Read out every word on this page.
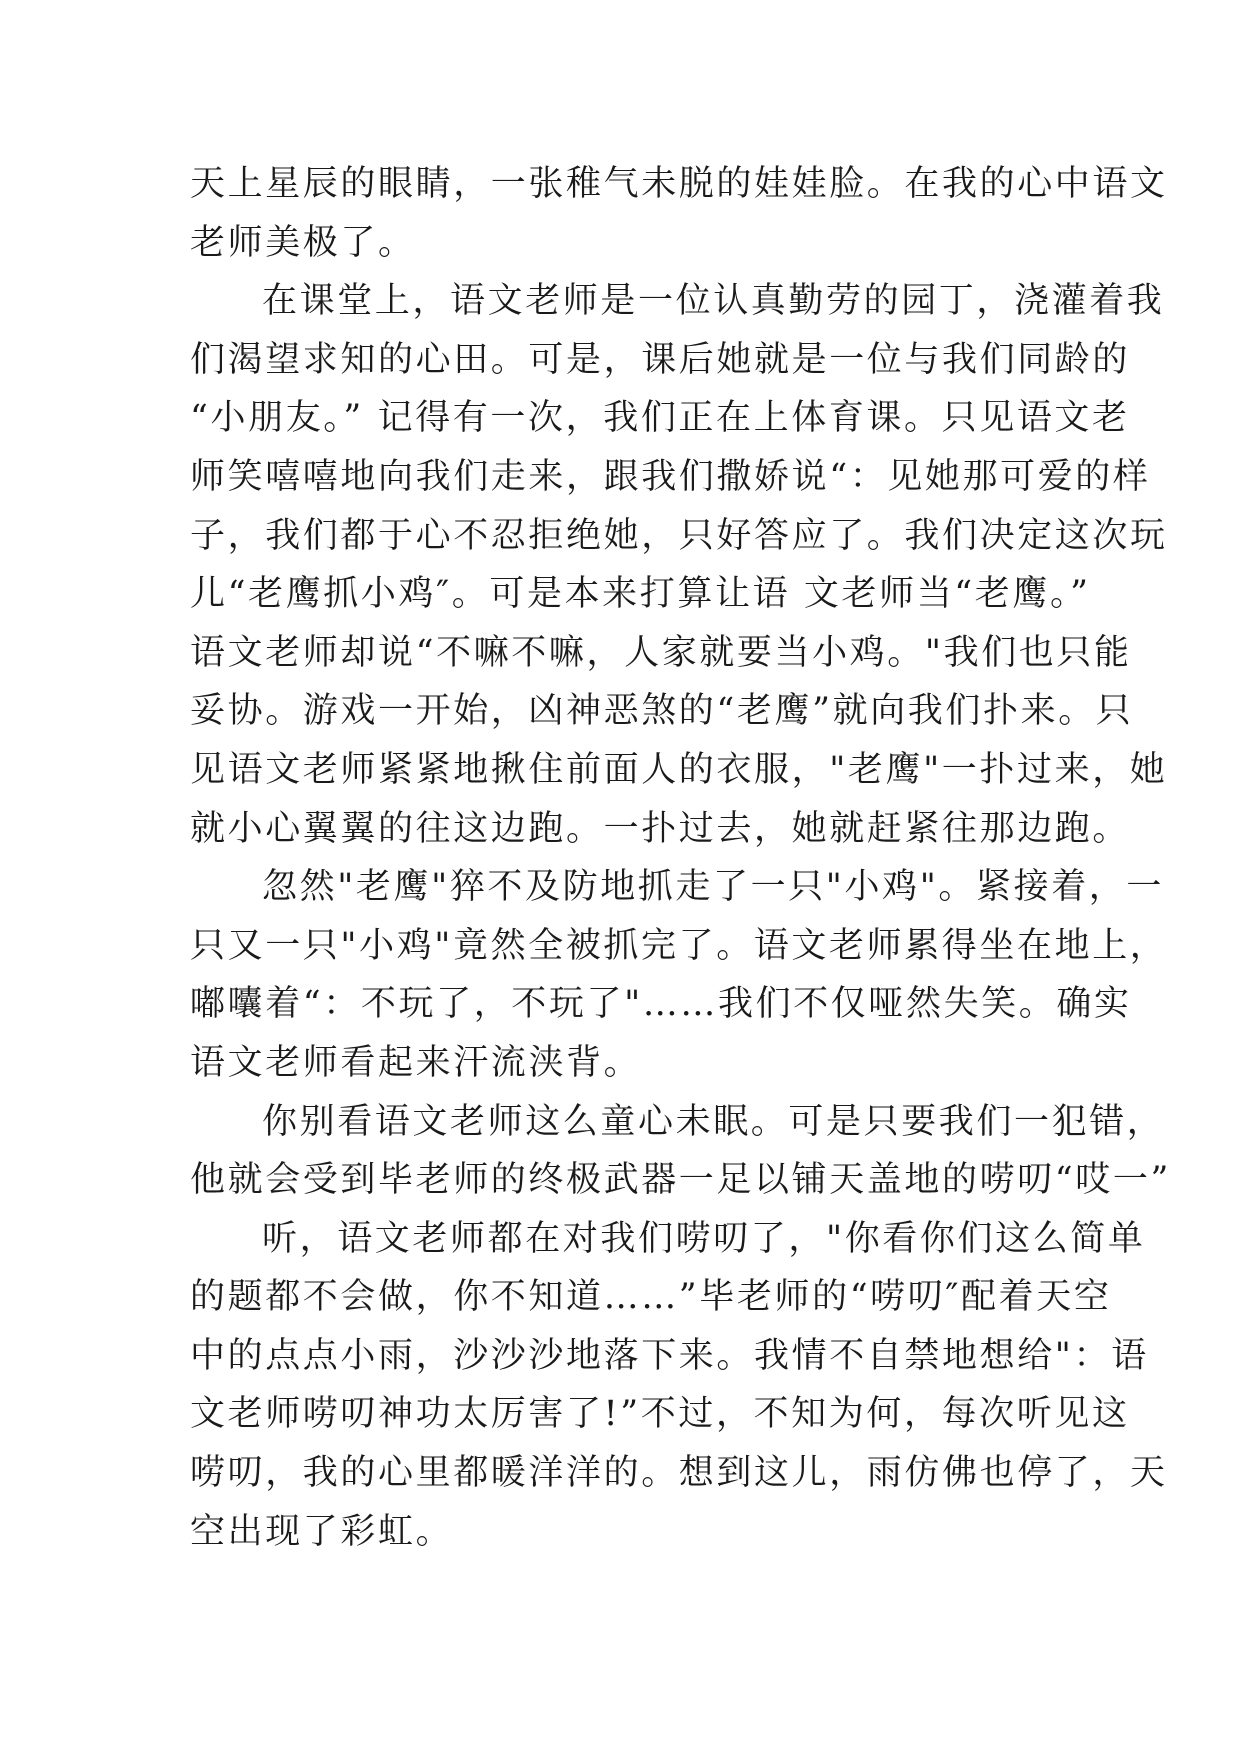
天上星辰的眼睛，一张稚气未脱的娃娃脸。在我的心中语文
老师美极了。
在课堂上，语文老师是一位认真勤劳的园丁，浇灌着我
们渴望求知的心田。可是，课后她就是一位与我们同龄的
“小朋友。” 记得有一次，我们正在上体育课。只见语文老
师笑嘻嘻地向我们走来，跟我们撒娇说“：见她那可爱的样
子，我们都于心不忍拒绝她，只好答应了。我们决定这次玩
儿“老鹰抓小鸡″。可是本来打算让语 文老师当“老鹰。”
语文老师却说“不嘛不嘛，人家就要当小鸡。"我们也只能
妥协。游戏一开始，凶神恶煞的“老鹰”就向我们扑来。只
见语文老师紧紧地揪住前面人的衣服，"老鹰"一扑过来，她
就小心翼翼的往这边跑。一扑过去，她就赶紧往那边跑。
忽然"老鹰"猝不及防地抓走了一只"小鸡"。紧接着，一
只又一只"小鸡"竟然全被抓完了。语文老师累得坐在地上，
嘟囔着“：不玩了，不玩了"……我们不仅哑然失笑。确实
语文老师看起来汗流浃背。
你别看语文老师这么童心未眠。可是只要我们一犯错，
他就会受到毕老师的终极武器一足以铺天盖地的唠叨“哎一”
听，语文老师都在对我们唠叨了，"你看你们这么简单
的题都不会做，你不知道……”毕老师的“唠叨″配着天空
中的点点小雨，沙沙沙地落下来。我情不自禁地想给"：语
文老师唠叨神功太厉害了!”不过，不知为何，每次听见这
唠叨，我的心里都暖洋洋的。想到这儿，雨仿佛也停了，天
空出现了彩虹。
